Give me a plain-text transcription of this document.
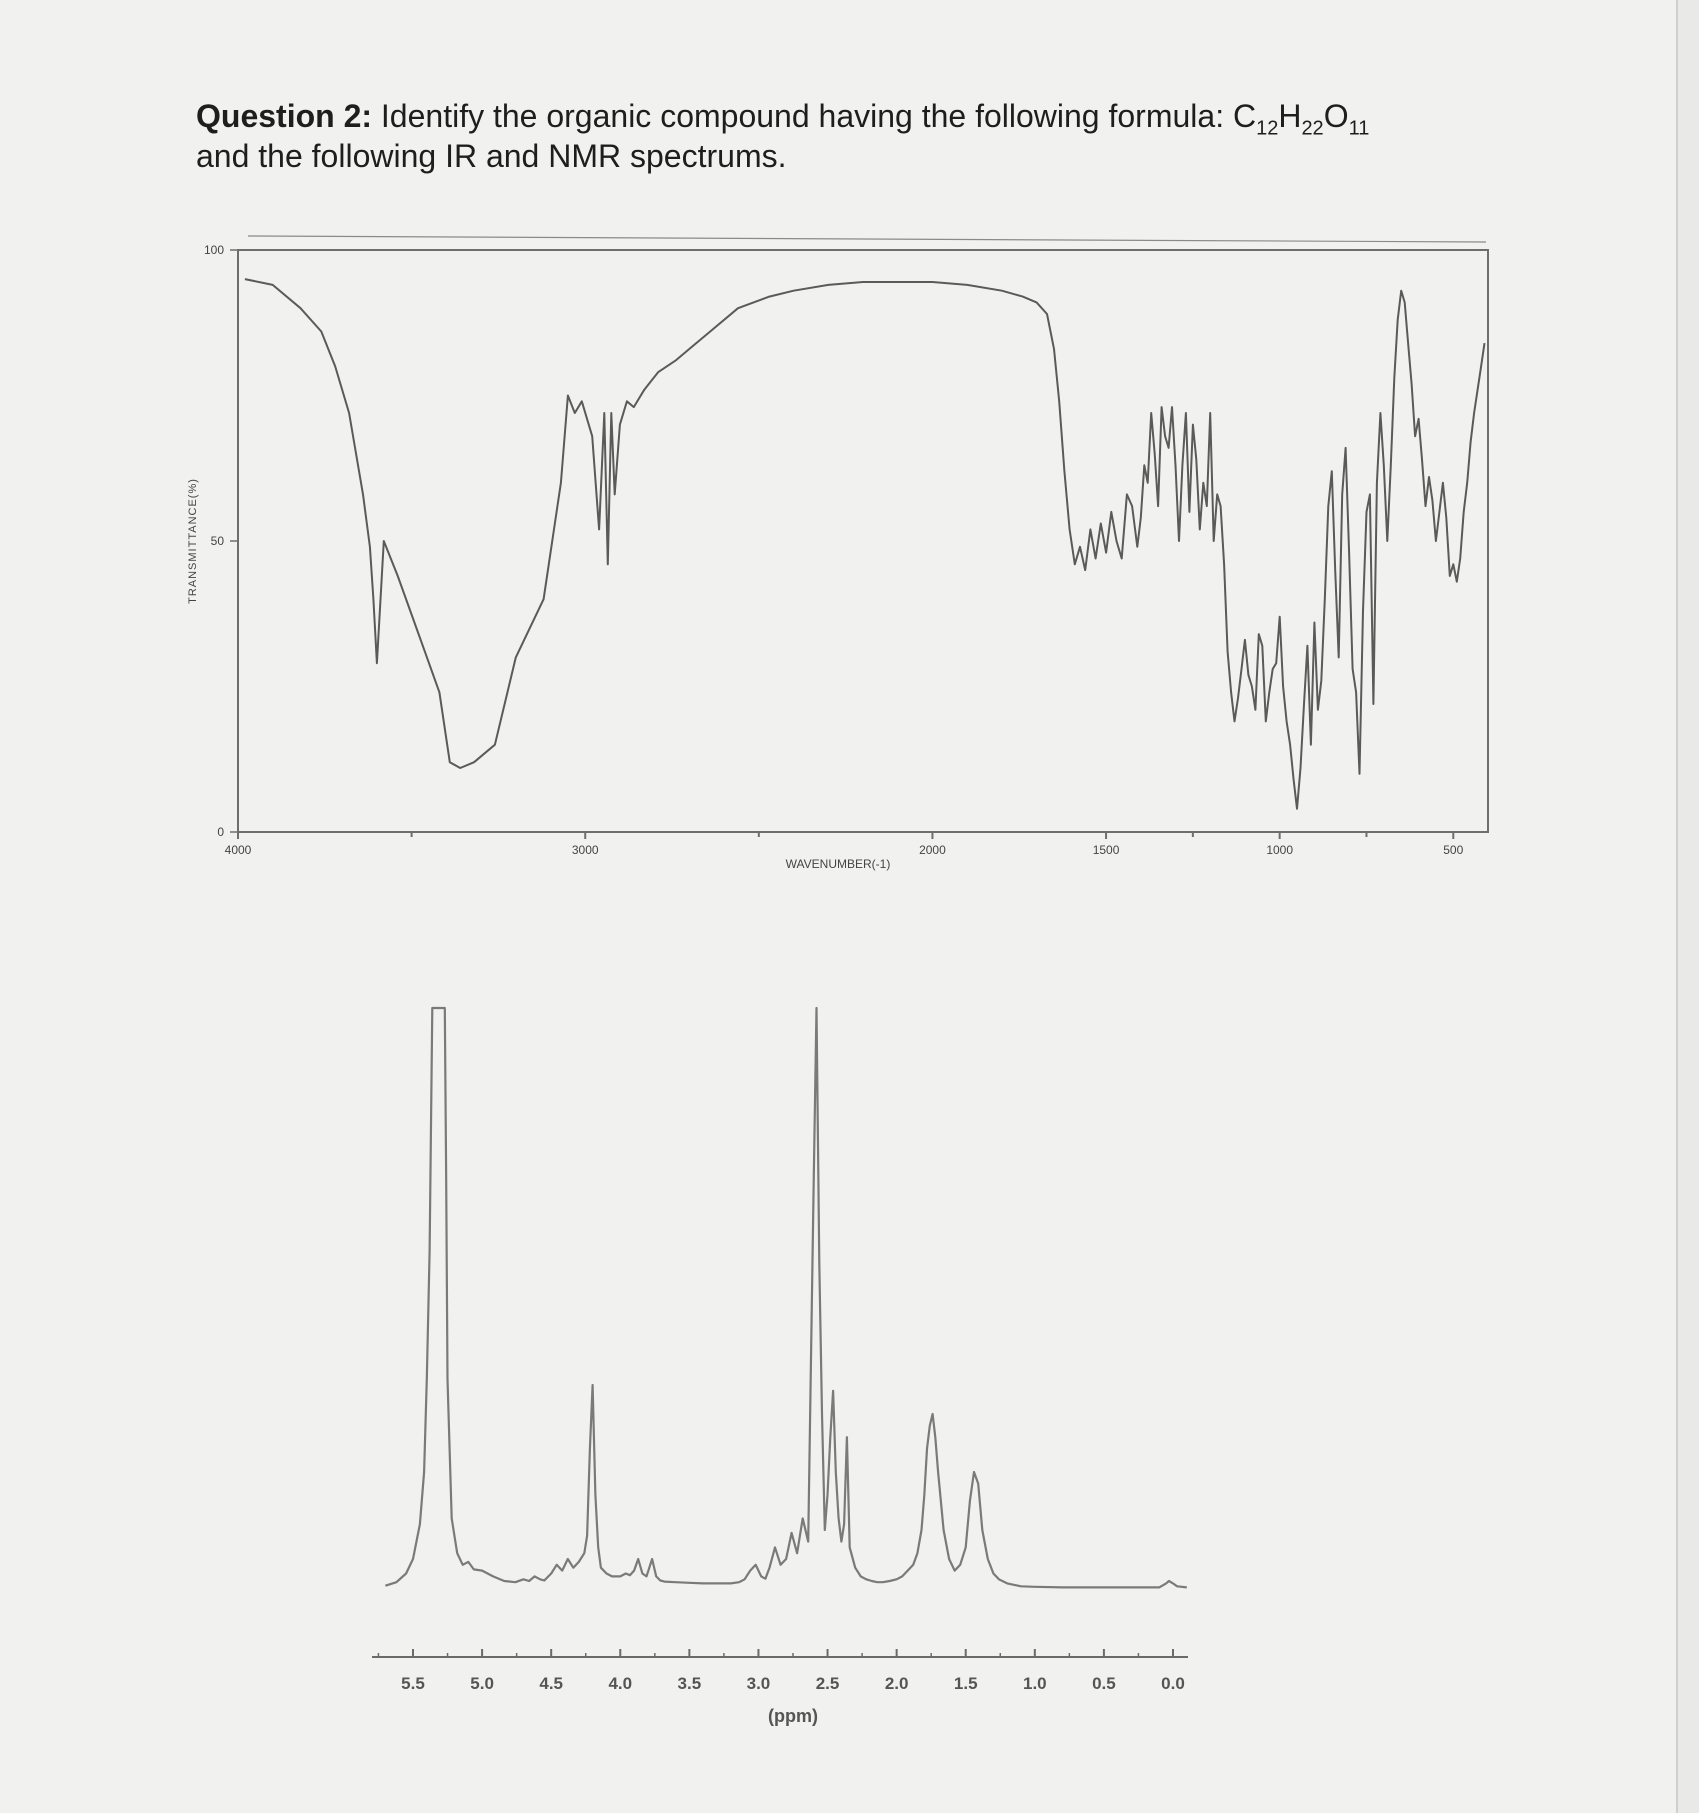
Question 2: Identify the organic compound having the following formula: $C_{12}H_{22}O_{11}$
and the following IR and NMR spectrums.
TRANSMITTANCE(%)
WAVENUMBER(-1)
4000	3000	2000	1500	1000	500
0
50
100
5.5	5.0	4.5	4.0	3.5	3.0	2.5	2.0	1.5	1.0	0.5	0.0
(ppm)
